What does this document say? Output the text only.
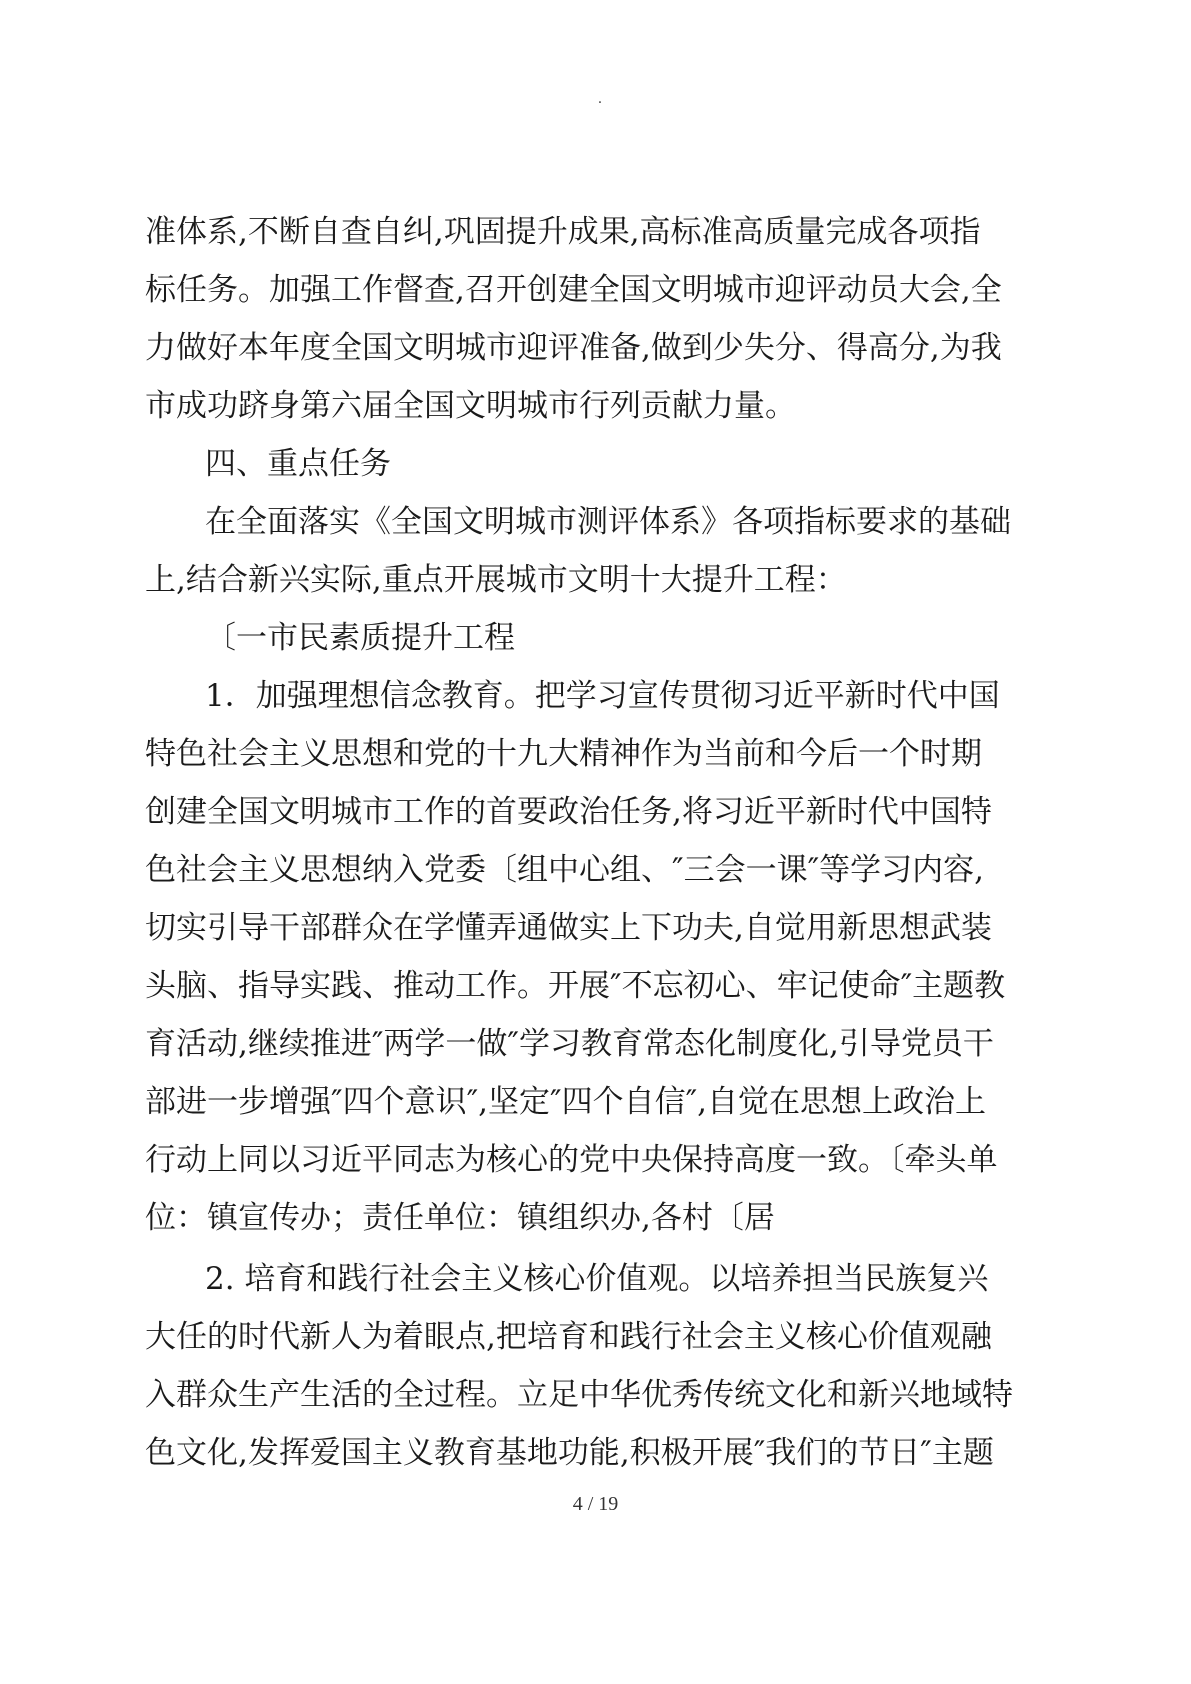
.
准体系,不断自查自纠,巩固提升成果,高标准高质量完成各项指
标任务。加强工作督查,召开创建全国文明城市迎评动员大会,全
力做好本年度全国文明城市迎评准备,做到少失分、得高分,为我
市成功跻身第六届全国文明城市行列贡献力量。
四、重点任务
在全面落实《全国文明城市测评体系》各项指标要求的基础
上,结合新兴实际,重点开展城市文明十大提升工程：
〔一市民素质提升工程
1．加强理想信念教育。把学习宣传贯彻习近平新时代中国
特色社会主义思想和党的十九大精神作为当前和今后一个时期
创建全国文明城市工作的首要政治任务,将习近平新时代中国特
色社会主义思想纳入党委〔组中心组、″三会一课″等学习内容,
切实引导干部群众在学懂弄通做实上下功夫,自觉用新思想武装
头脑、指导实践、推动工作。开展″不忘初心、牢记使命″主题教
育活动,继续推进″两学一做″学习教育常态化制度化,引导党员干
部进一步增强″四个意识″,坚定″四个自信″,自觉在思想上政治上
行动上同以习近平同志为核心的党中央保持高度一致。〔牵头单
位：镇宣传办；责任单位：镇组织办,各村〔居
2. 培育和践行社会主义核心价值观。以培养担当民族复兴
大任的时代新人为着眼点,把培育和践行社会主义核心价值观融
入群众生产生活的全过程。立足中华优秀传统文化和新兴地域特
色文化,发挥爱国主义教育基地功能,积极开展″我们的节日″主题
4 / 19
